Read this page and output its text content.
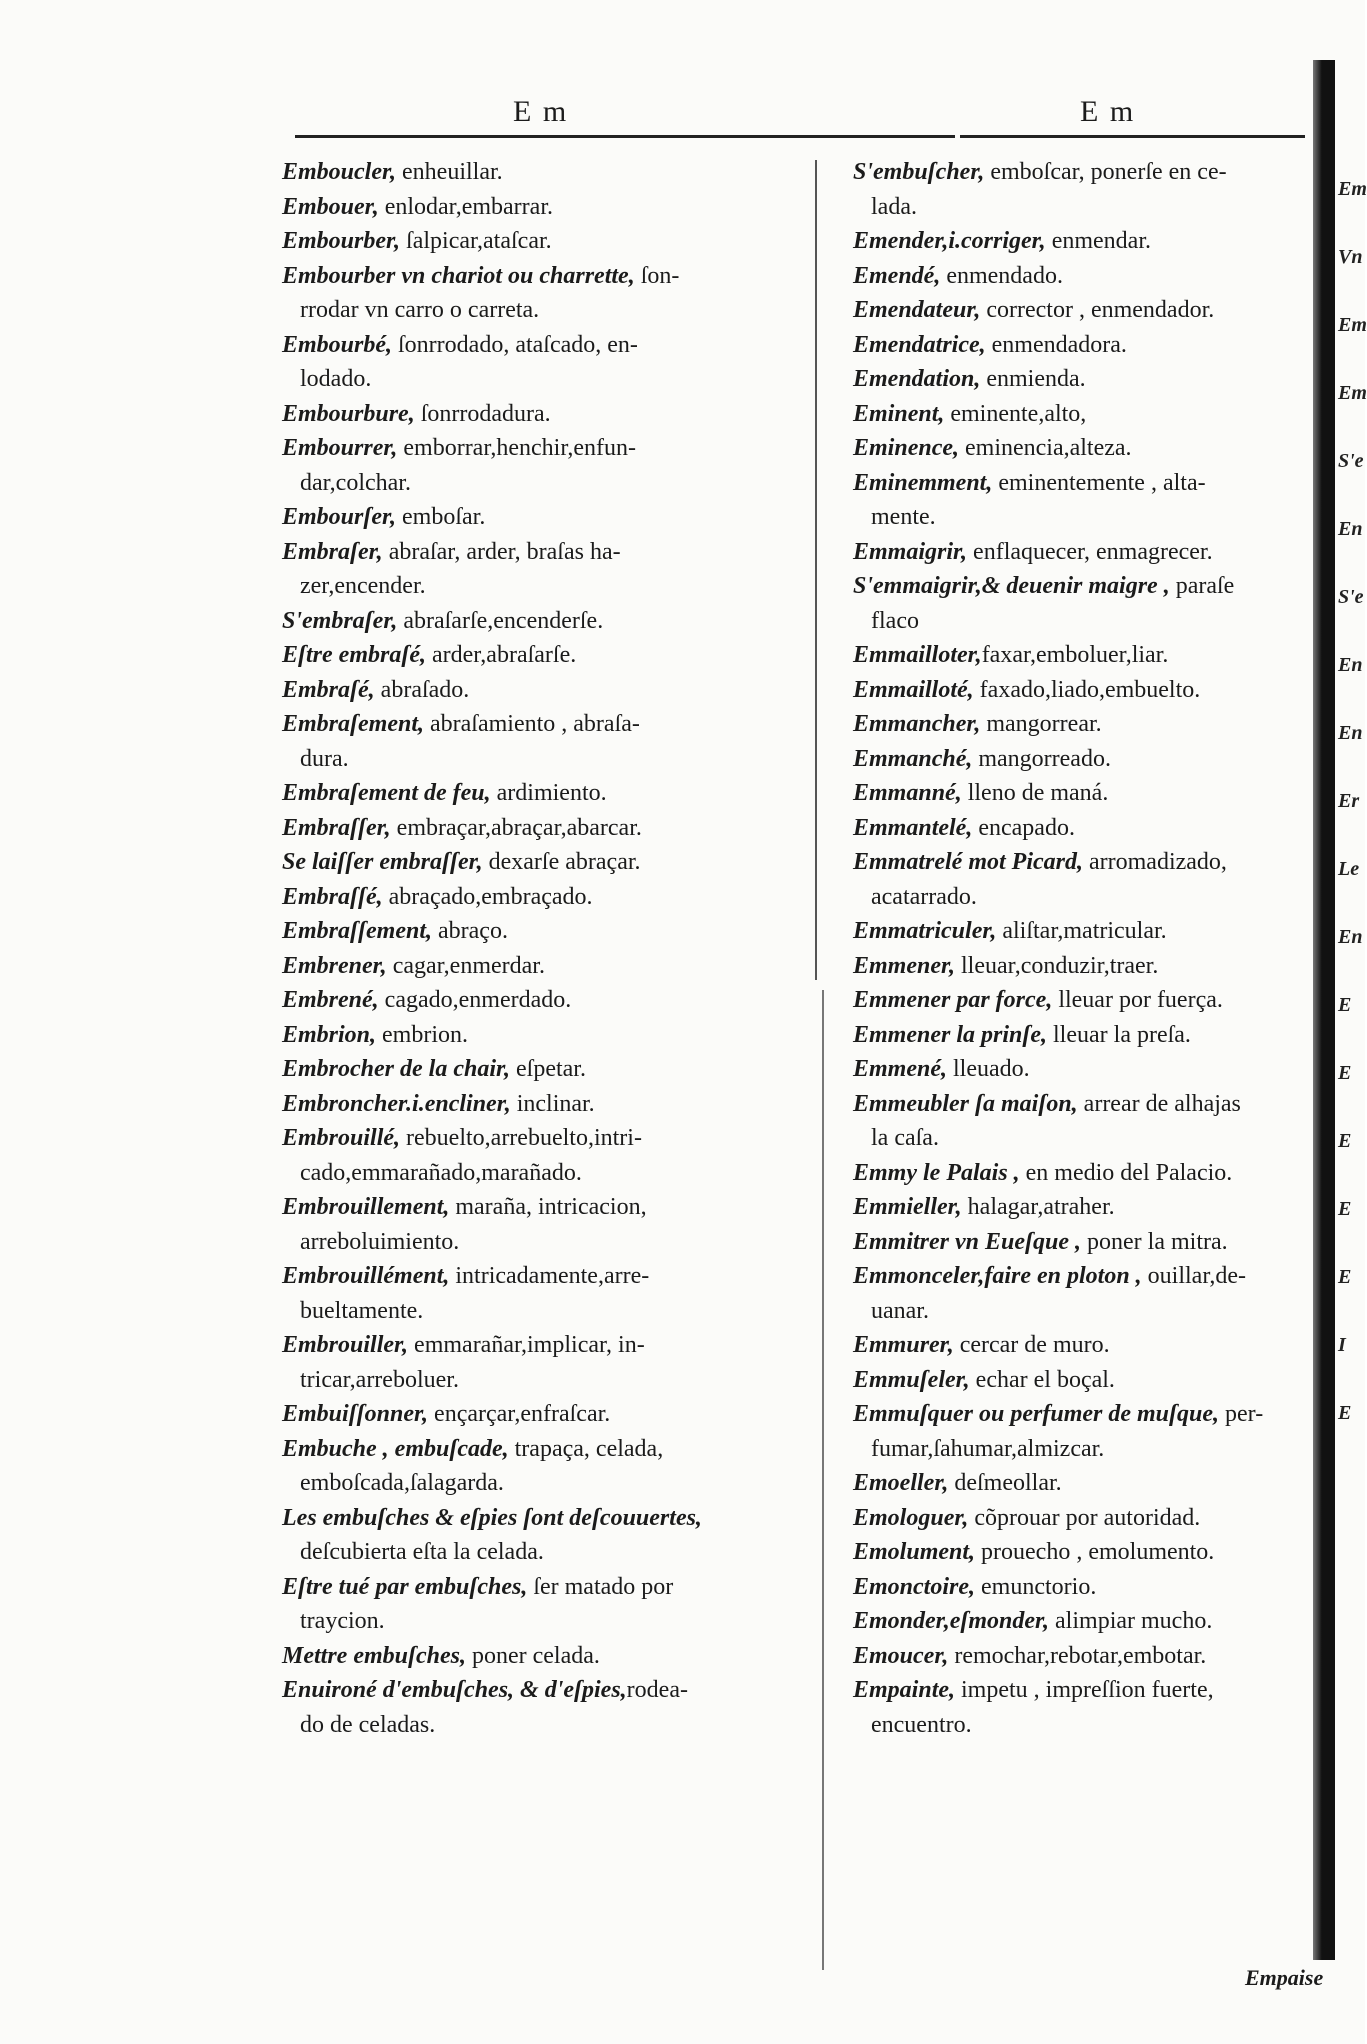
E m	E m
Emboucler, enheuillar.
Embouer, enlodar,embarrar.
Embourber, ſalpicar,ataſcar.
Embourber vn chariot ou charrette, ſon-
rrodar vn carro o carreta.
Embourbé, ſonrrodado, ataſcado, en-
lodado.
Embourbure, ſonrrodadura.
Embourrer, emborrar,henchir,enfun-
dar,colchar.
Embourſer, emboſar.
Embraſer, abraſar, arder, braſas ha-
zer,encender.
S'embraſer, abraſarſe,encenderſe.
Eſtre embraſé, arder,abraſarſe.
Embraſé, abraſado.
Embraſement, abraſamiento , abraſa-
dura.
Embraſement de feu, ardimiento.
Embraſſer, embraçar,abraçar,abarcar.
Se laiſſer embraſſer, dexarſe abraçar.
Embraſſé, abraçado,embraçado.
Embraſſement, abraço.
Embrener, cagar,enmerdar.
Embrené, cagado,enmerdado.
Embrion, embrion.
Embrocher de la chair, eſpetar.
Embroncher.i.encliner, inclinar.
Embrouillé, rebuelto,arrebuelto,intri-
cado,emmarañado,marañado.
Embrouillement, maraña, intricacion,
arreboluimiento.
Embrouillément, intricadamente,arre-
bueltamente.
Embrouiller, emmarañar,implicar, in-
tricar,arreboluer.
Embuiſſonner, ençarçar,enfraſcar.
Embuche , embuſcade, trapaça, celada,
emboſcada,ſalagarda.
Les embuſches & eſpies ſont deſcouuertes,
deſcubierta eſta la celada.
Eſtre tué par embuſches, ſer matado por
traycion.
Mettre embuſches, poner celada.
Enuironé d'embuſches, & d'eſpies,rodea-
do de celadas.
S'embuſcher, emboſcar, ponerſe en ce-
lada.
Emender,i.corriger, enmendar.
Emendé, enmendado.
Emendateur, corrector , enmendador.
Emendatrice, enmendadora.
Emendation, enmienda.
Eminent, eminente,alto,
Eminence, eminencia,alteza.
Eminemment, eminentemente , alta-
mente.
Emmaigrir, enflaquecer, enmagrecer.
S'emmaigrir,& deuenir maigre , paraſe
flaco
Emmailloter,faxar,emboluer,liar.
Emmailloté, faxado,liado,embuelto.
Emmancher, mangorrear.
Emmanché, mangorreado.
Emmanné, lleno de maná.
Emmantelé, encapado.
Emmatrelé mot Picard, arromadizado,
acatarrado.
Emmatriculer, aliſtar,matricular.
Emmener, lleuar,conduzir,traer.
Emmener par force, lleuar por fuerça.
Emmener la prinſe, lleuar la preſa.
Emmené, lleuado.
Emmeubler ſa maiſon, arrear de alhajas
la caſa.
Emmy le Palais , en medio del Palacio.
Emmieller, halagar,atraher.
Emmitrer vn Eueſque , poner la mitra.
Emmonceler,faire en ploton , ouillar,de-
uanar.
Emmurer, cercar de muro.
Emmuſeler, echar el boçal.
Emmuſquer ou perfumer de muſque, per-
fumar,ſahumar,almizcar.
Emoeller, deſmeollar.
Emologuer, cõprouar por autoridad.
Emolument, prouecho , emolumento.
Emonctoire, emunctorio.
Emonder,eſmonder, alimpiar mucho.
Emoucer, remochar,rebotar,embotar.
Empainte, impetu , impreſſion fuerte,
encuentro.
Em
Vn
Em
Em
S'e
En
S'e
En
En
Er
Le
En
E
E
E
E
E
I
E
Empaise
